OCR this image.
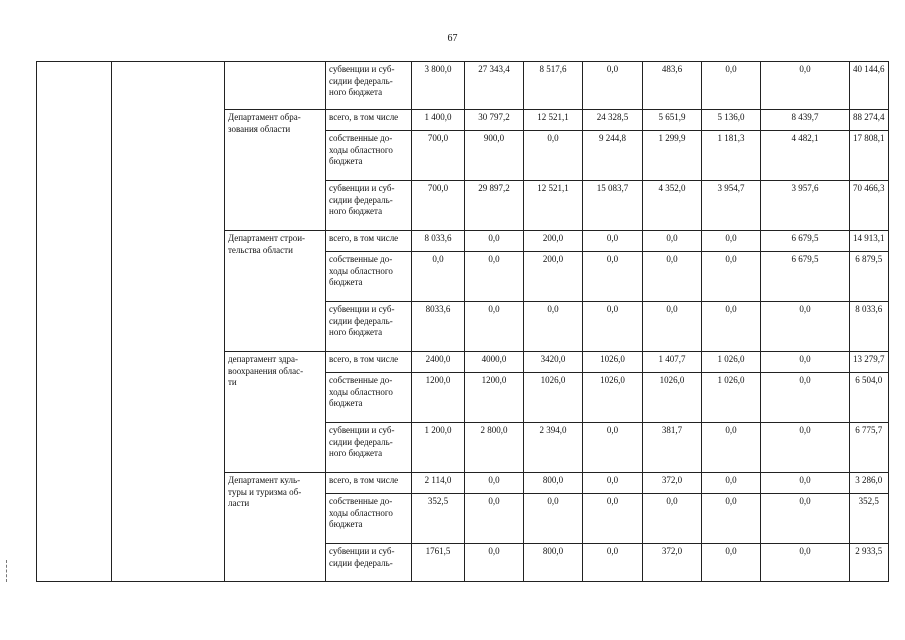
67
			субвенции и суб-
сидии федераль-
ного бюджета	3 800,0	27 343,4	8 517,6	0,0	483,6	0,0	0,0	40 144,6
		Департамент обра-
зования области	всего, в том числе	1 400,0	30 797,2	12 521,1	24 328,5	5 651,9	5 136,0	8 439,7	88 274,4
			собственные до-
ходы областного
бюджета	700,0	900,0	0,0	9 244,8	1 299,9	1 181,3	4 482,1	17 808,1
			субвенции и суб-
сидии федераль-
ного бюджета	700,0	29 897,2	12 521,1	15 083,7	4 352,0	3 954,7	3 957,6	70 466,3
		Департамент строи-
тельства области	всего, в том числе	8 033,6	0,0	200,0	0,0	0,0	0,0	6 679,5	14 913,1
			собственные до-
ходы областного
бюджета	0,0	0,0	200,0	0,0	0,0	0,0	6 679,5	6 879,5
			субвенции и суб-
сидии федераль-
ного бюджета	8033,6	0,0	0,0	0,0	0,0	0,0	0,0	8 033,6
		департамент здра-
воохранения облас-
ти	всего, в том числе	2400,0	4000,0	3420,0	1026,0	1 407,7	1 026,0	0,0	13 279,7
			собственные до-
ходы областного
бюджета	1200,0	1200,0	1026,0	1026,0	1026,0	1 026,0	0,0	6 504,0
			субвенции и суб-
сидии федераль-
ного бюджета	1 200,0	2 800,0	2 394,0	0,0	381,7	0,0	0,0	6 775,7
		Департамент куль-
туры и туризма об-
ласти	всего, в том числе	2 114,0	0,0	800,0	0,0	372,0	0,0	0,0	3 286,0
			собственные до-
ходы областного
бюджета	352,5	0,0	0,0	0,0	0,0	0,0	0,0	352,5
			субвенции и суб-
сидии федераль-	1761,5	0,0	800,0	0,0	372,0	0,0	0,0	2 933,5
